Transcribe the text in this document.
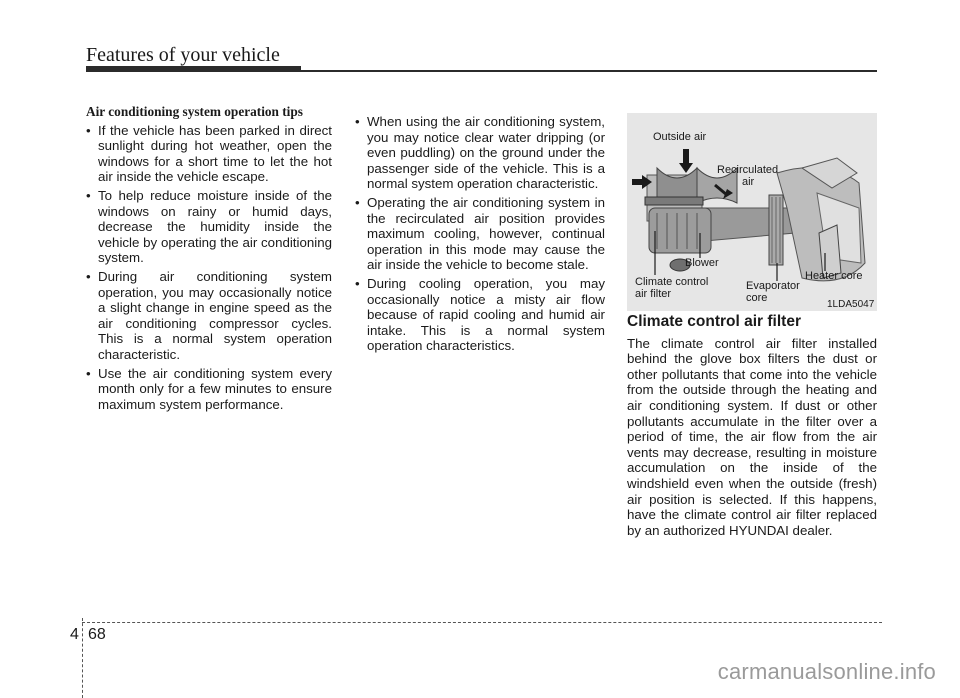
Features of your vehicle
Air conditioning system operation tips
• If the vehicle has been parked in direct sunlight during hot weather, open the windows for a short time to let the hot air inside the vehicle escape.
• To help reduce moisture inside of the windows on rainy or humid days, decrease the humidity inside the vehicle by operating the air conditioning system.
• During air conditioning system operation, you may occasionally notice a slight change in engine speed as the air conditioning compressor cycles. This is a normal system operation characteristic.
• Use the air conditioning system every month only for a few minutes to ensure maximum system performance.
• When using the air conditioning system, you may notice clear water dripping (or even puddling) on the ground under the passenger side of the vehicle. This is a normal system operation characteristic.
• Operating the air conditioning system in the recirculated air position provides maximum cooling, however, continual operation in this mode may cause the air inside the vehicle to become stale.
• During cooling operation, you may occasionally notice a misty air flow because of rapid cooling and humid air intake. This is a normal system operation characteristics.
Outside air
Recirculated
air
Blower
Heater core
Climate control
air filter
Evaporator
core
1LDA5047
Climate control air filter

The climate control air filter installed behind the glove box filters the dust or other pollutants that come into the vehicle from the outside through the heating and air conditioning system. If dust or other pollutants accumulate in the filter over a period of time, the air flow from the air vents may decrease, resulting in moisture accumulation on the inside of the windshield even when the outside (fresh) air position is selected. If this happens, have the climate control air filter replaced by an authorized HYUNDAI dealer.

4 68
carmanualsonline.info
